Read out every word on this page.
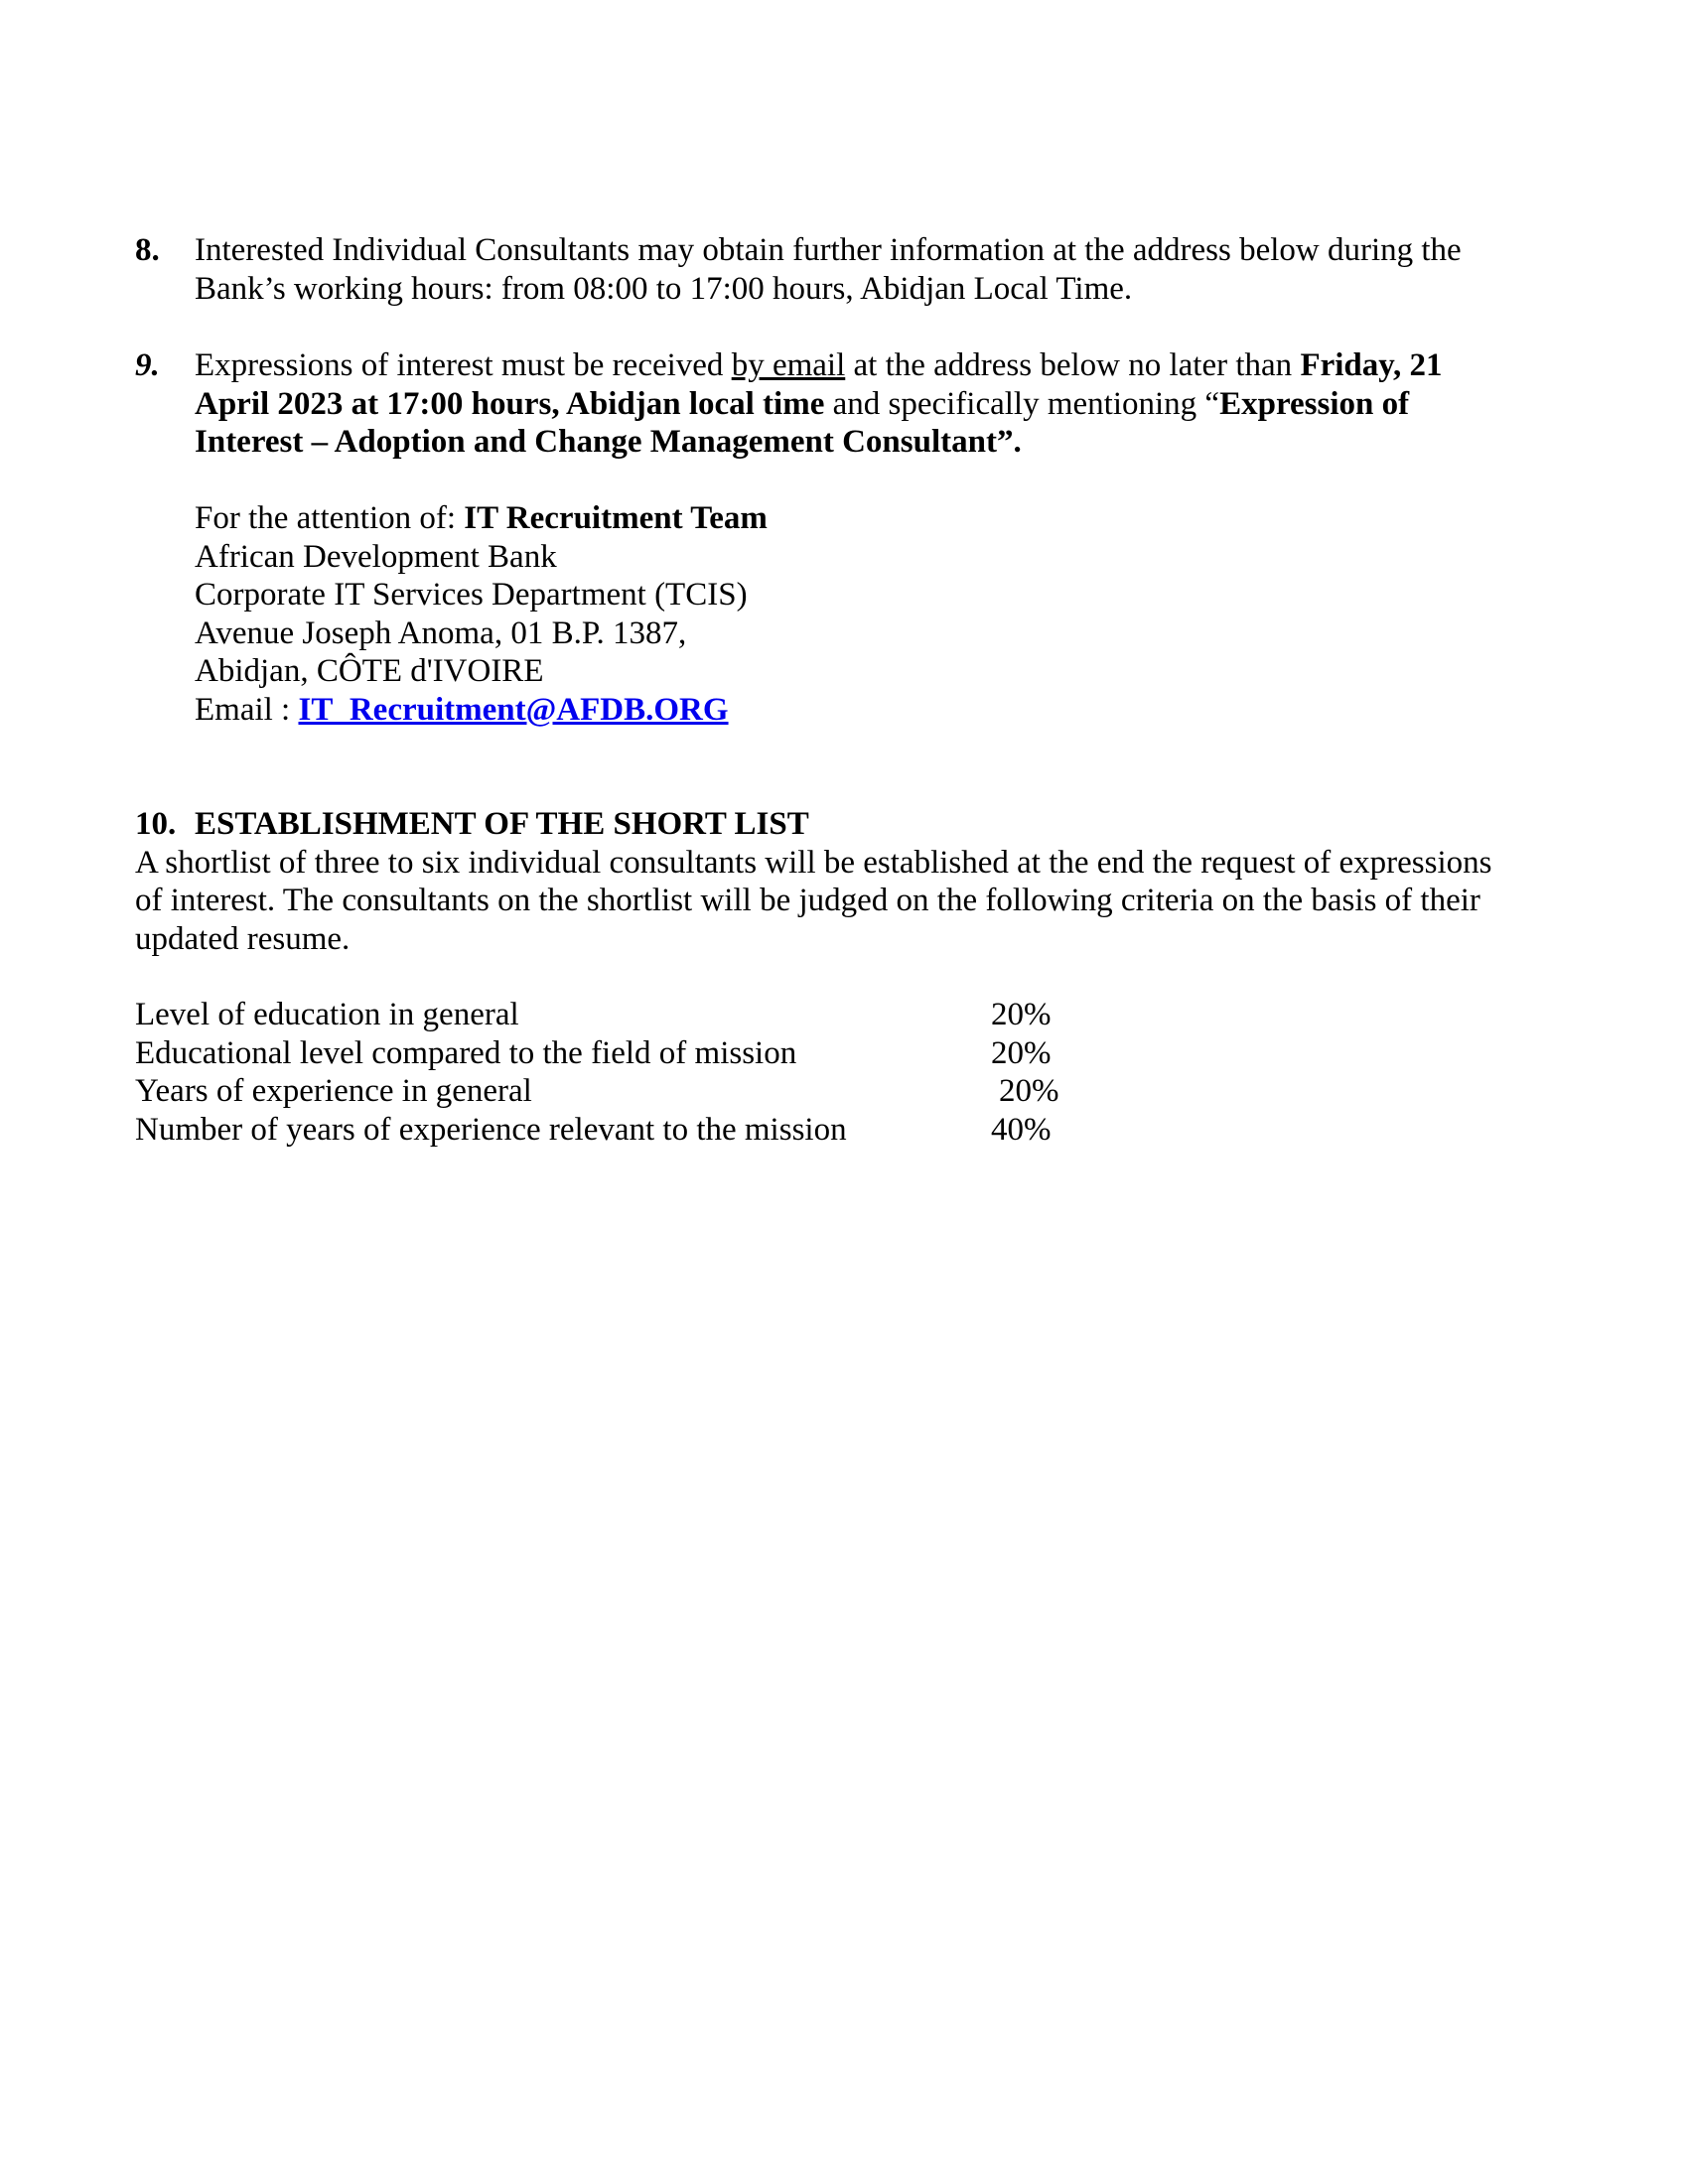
8. Interested Individual Consultants may obtain further information at the address below during the Bank’s working hours: from 08:00 to 17:00 hours, Abidjan Local Time.
9. Expressions of interest must be received by email at the address below no later than Friday, 21 April 2023 at 17:00 hours, Abidjan local time and specifically mentioning “Expression of Interest – Adoption and Change Management Consultant”.
For the attention of: IT Recruitment Team
African Development Bank
Corporate IT Services Department (TCIS)
Avenue Joseph Anoma, 01 B.P. 1387,
Abidjan, CÔTE d'IVOIRE
Email : IT_Recruitment@AFDB.ORG
10. ESTABLISHMENT OF THE SHORT LIST
A shortlist of three to six individual consultants will be established at the end the request of expressions of interest. The consultants on the shortlist will be judged on the following criteria on the basis of their updated resume.
Level of education in general	20%
Educational level compared to the field of mission	20%
Years of experience in general	20%
Number of years of experience relevant to the mission	40%
